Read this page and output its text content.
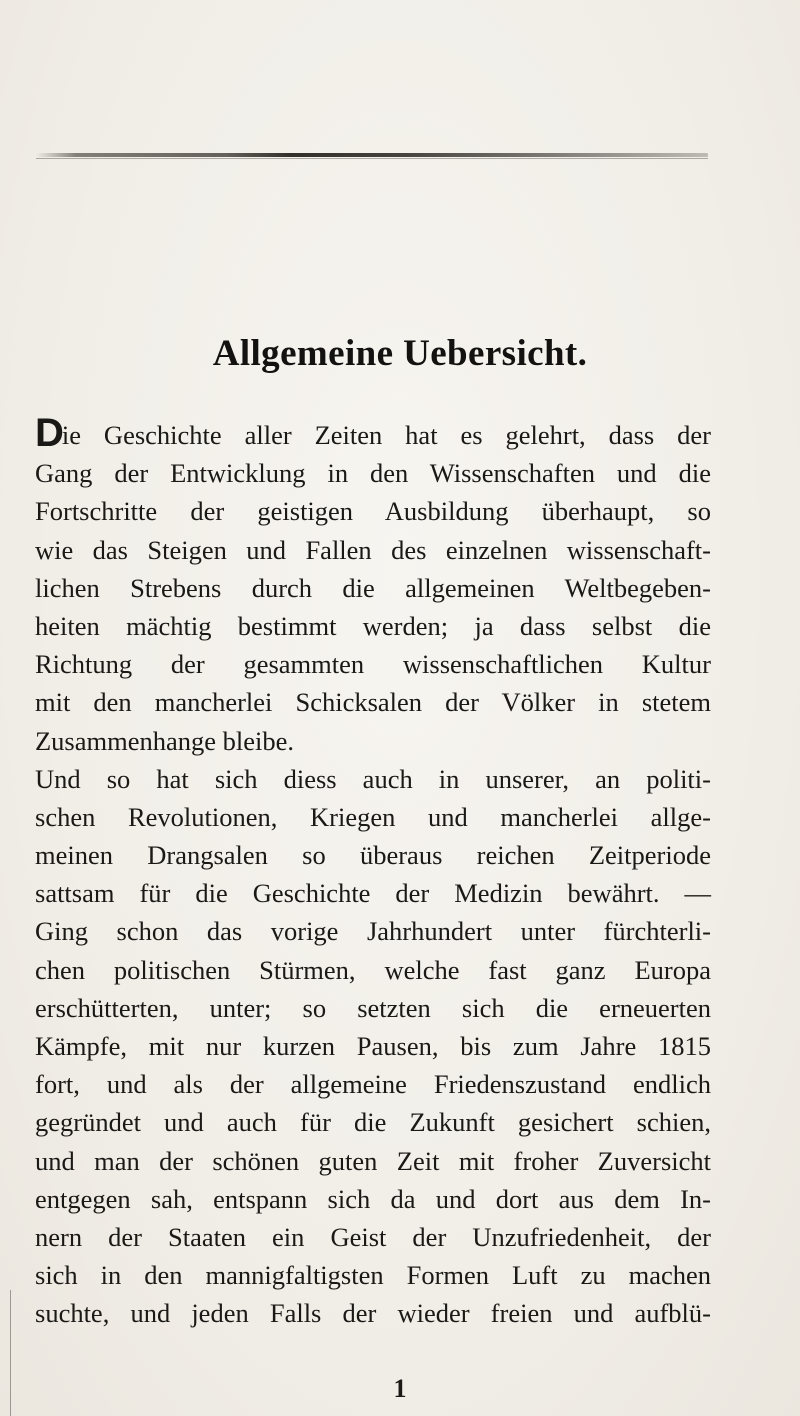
Allgemeine Uebersicht.
Die Geschichte aller Zeiten hat es gelehrt, dass der
Gang der Entwicklung in den Wissenschaften und die
Fortschritte der geistigen Ausbildung überhaupt, so
wie das Steigen und Fallen des einzelnen wissenschaft-
lichen Strebens durch die allgemeinen Weltbegeben-
heiten mächtig bestimmt werden; ja dass selbst die
Richtung der gesammten wissenschaftlichen Kultur
mit den mancherlei Schicksalen der Völker in stetem
Zusammenhange bleibe.
Und so hat sich diess auch in unserer, an politi-
schen Revolutionen, Kriegen und mancherlei allge-
meinen Drangsalen so überaus reichen Zeitperiode
sattsam für die Geschichte der Medizin bewährt. —
Ging schon das vorige Jahrhundert unter fürchterli-
chen politischen Stürmen, welche fast ganz Europa
erschütterten, unter; so setzten sich die erneuerten
Kämpfe, mit nur kurzen Pausen, bis zum Jahre 1815
fort, und als der allgemeine Friedenszustand endlich
gegründet und auch für die Zukunft gesichert schien,
und man der schönen guten Zeit mit froher Zuversicht
entgegen sah, entspann sich da und dort aus dem In-
nern der Staaten ein Geist der Unzufriedenheit, der
sich in den mannigfaltigsten Formen Luft zu machen
suchte, und jeden Falls der wieder freien und aufblü-
1
